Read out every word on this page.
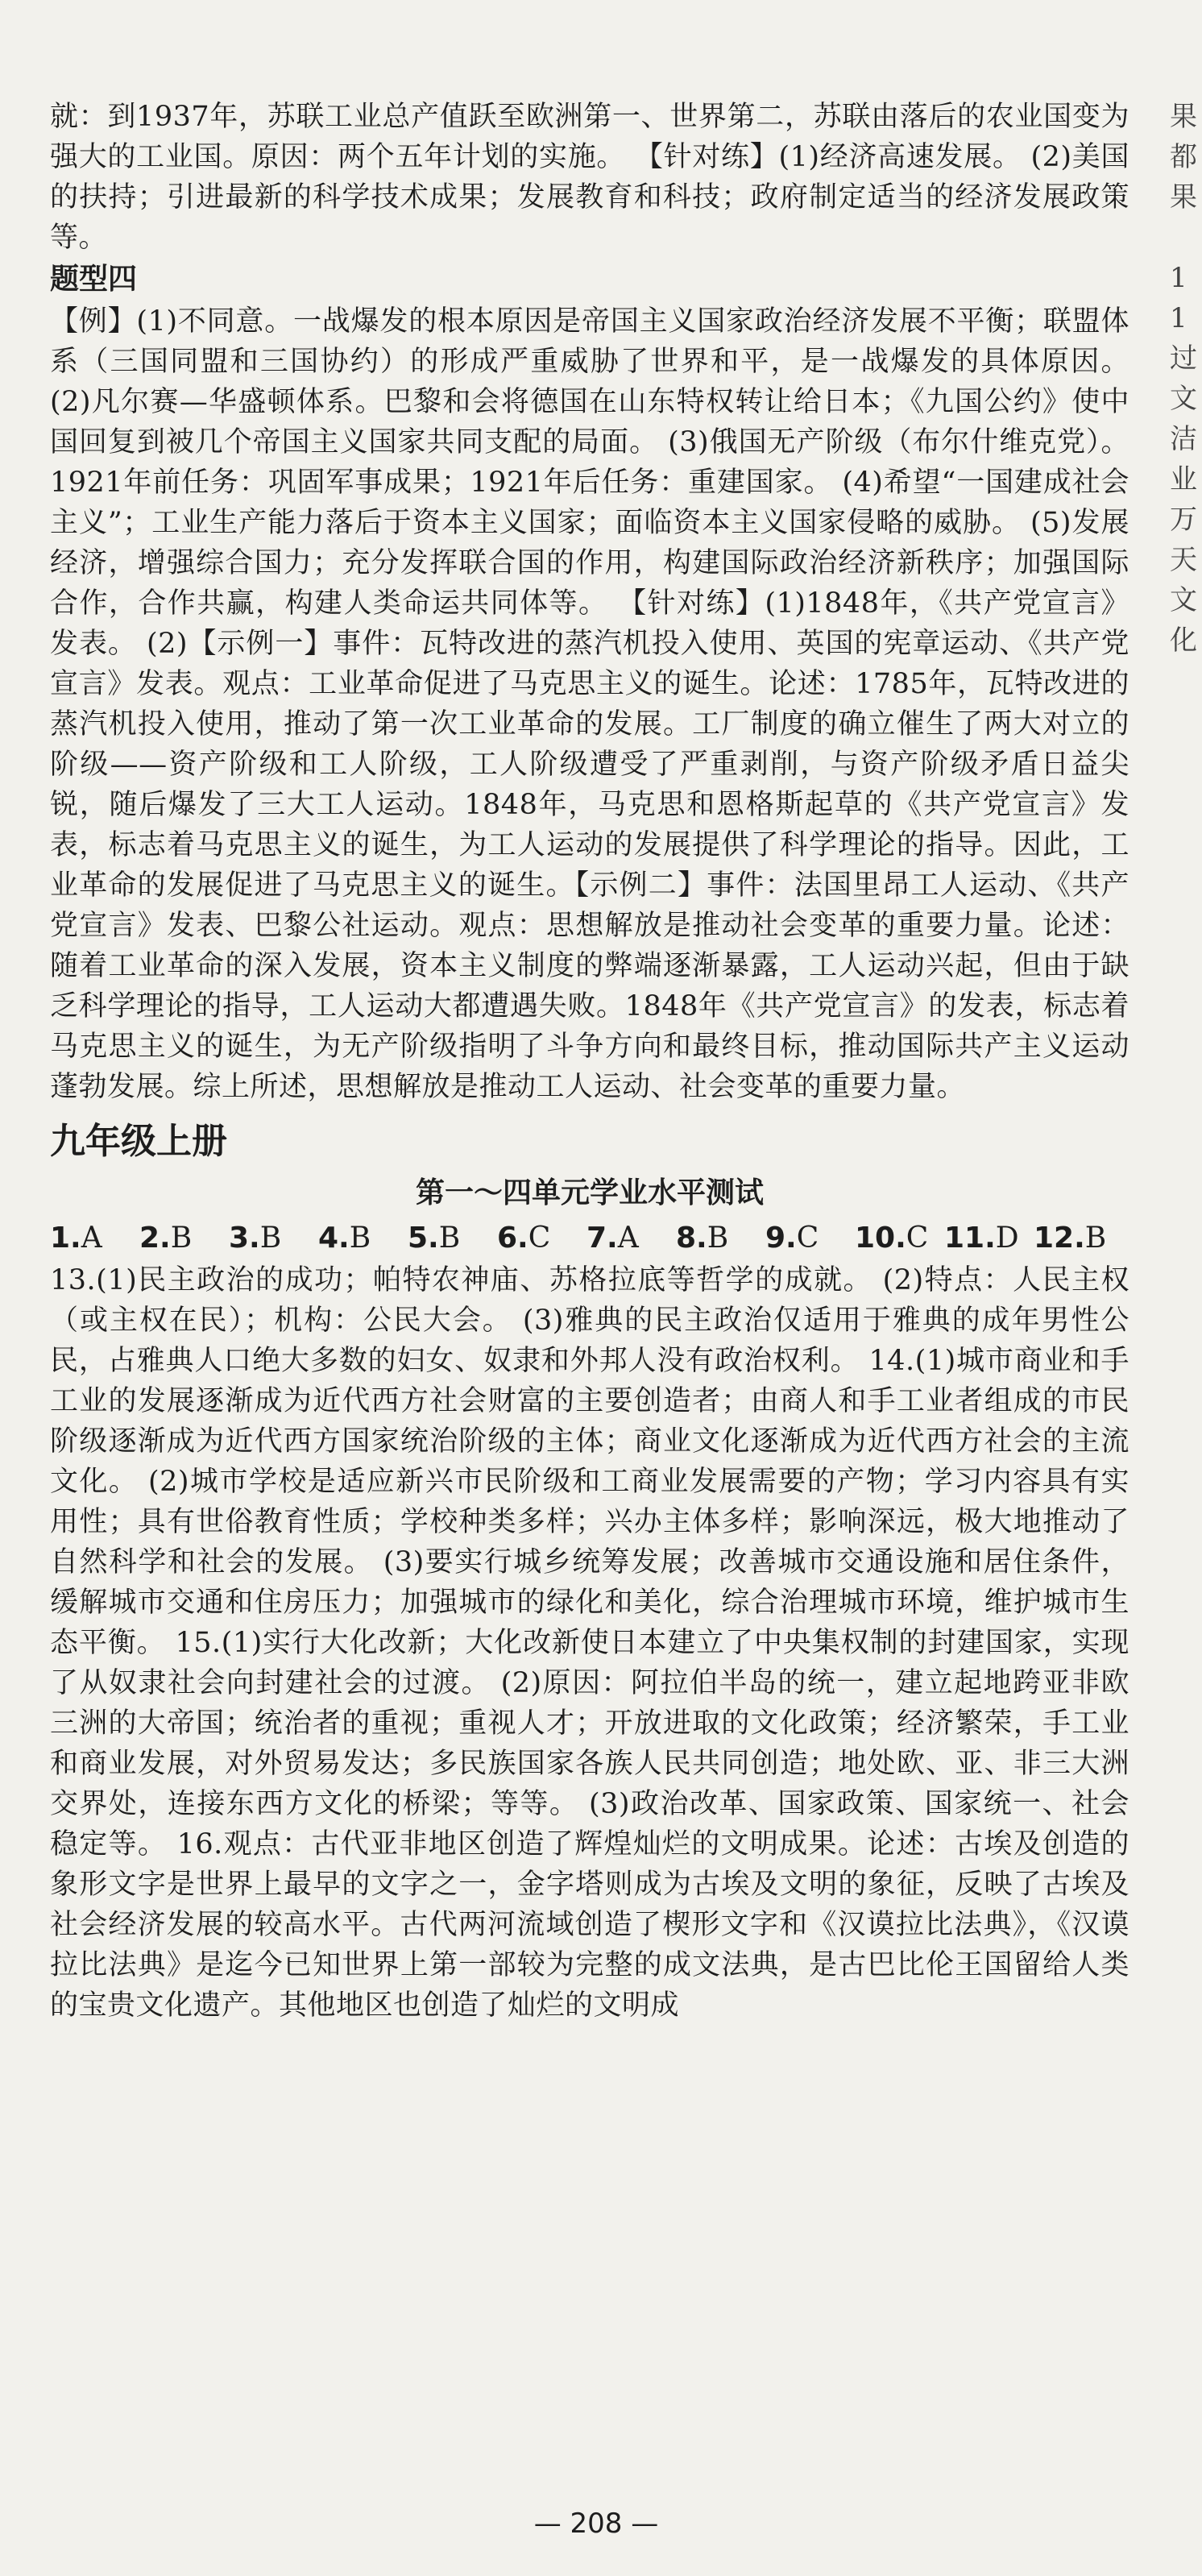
就：到1937年，苏联工业总产值跃至欧洲第一、世界第二，苏联由落后的农业国变为强大的工业国。原因：两个五年计划的实施。 【针对练】(1)经济高速发展。 (2)美国的扶持；引进最新的科学技术成果；发展教育和科技；政府制定适当的经济发展政策等。

题型四

【例】(1)不同意。一战爆发的根本原因是帝国主义国家政治经济发展不平衡；联盟体系（三国同盟和三国协约）的形成严重威胁了世界和平，是一战爆发的具体原因。 (2)凡尔赛—华盛顿体系。巴黎和会将德国在山东特权转让给日本；《九国公约》使中国回复到被几个帝国主义国家共同支配的局面。 (3)俄国无产阶级（布尔什维克党）。1921年前任务：巩固军事成果；1921年后任务：重建国家。 (4)希望“一国建成社会主义”；工业生产能力落后于资本主义国家；面临资本主义国家侵略的威胁。 (5)发展经济，增强综合国力；充分发挥联合国的作用，构建国际政治经济新秩序；加强国际合作，合作共赢，构建人类命运共同体等。 【针对练】(1)1848年，《共产党宣言》发表。 (2)【示例一】事件：瓦特改进的蒸汽机投入使用、英国的宪章运动、《共产党宣言》发表。观点：工业革命促进了马克思主义的诞生。论述：1785年，瓦特改进的蒸汽机投入使用，推动了第一次工业革命的发展。工厂制度的确立催生了两大对立的阶级——资产阶级和工人阶级，工人阶级遭受了严重剥削，与资产阶级矛盾日益尖锐，随后爆发了三大工人运动。1848年，马克思和恩格斯起草的《共产党宣言》发表，标志着马克思主义的诞生，为工人运动的发展提供了科学理论的指导。因此，工业革命的发展促进了马克思主义的诞生。【示例二】事件：法国里昂工人运动、《共产党宣言》发表、巴黎公社运动。观点：思想解放是推动社会变革的重要力量。论述：随着工业革命的深入发展，资本主义制度的弊端逐渐暴露，工人运动兴起，但由于缺乏科学理论的指导，工人运动大都遭遇失败。1848年《共产党宣言》的发表，标志着马克思主义的诞生，为无产阶级指明了斗争方向和最终目标，推动国际共产主义运动蓬勃发展。综上所述，思想解放是推动工人运动、社会变革的重要力量。

九年级上册

第一～四单元学业水平测试

1.A	2.B	3.B	4.B	5.B	6.C	7.A	8.B	9.C	10.C 11.D 12.B

13.(1)民主政治的成功；帕特农神庙、苏格拉底等哲学的成就。 (2)特点：人民主权（或主权在民）；机构：公民大会。 (3)雅典的民主政治仅适用于雅典的成年男性公民，占雅典人口绝大多数的妇女、奴隶和外邦人没有政治权利。 14.(1)城市商业和手工业的发展逐渐成为近代西方社会财富的主要创造者；由商人和手工业者组成的市民阶级逐渐成为近代西方国家统治阶级的主体；商业文化逐渐成为近代西方社会的主流文化。 (2)城市学校是适应新兴市民阶级和工商业发展需要的产物；学习内容具有实用性；具有世俗教育性质；学校种类多样；兴办主体多样；影响深远，极大地推动了自然科学和社会的发展。 (3)要实行城乡统筹发展；改善城市交通设施和居住条件，缓解城市交通和住房压力；加强城市的绿化和美化，综合治理城市环境，维护城市生态平衡。 15.(1)实行大化改新；大化改新使日本建立了中央集权制的封建国家，实现了从奴隶社会向封建社会的过渡。 (2)原因：阿拉伯半岛的统一，建立起地跨亚非欧三洲的大帝国；统治者的重视；重视人才；开放进取的文化政策；经济繁荣，手工业和商业发展，对外贸易发达；多民族国家各族人民共同创造；地处欧、亚、非三大洲交界处，连接东西方文化的桥梁；等等。 (3)政治改革、国家政策、国家统一、社会稳定等。 16.观点：古代亚非地区创造了辉煌灿烂的文明成果。论述：古埃及创造的象形文字是世界上最早的文字之一，金字塔则成为古埃及文明的象征，反映了古埃及社会经济发展的较高水平。古代两河流域创造了楔形文字和《汉谟拉比法典》，《汉谟拉比法典》是迄今已知世界上第一部较为完整的成文法典，是古巴比伦王国留给人类的宝贵文化遗产。其他地区也创造了灿烂的文明成

果
都
果

1
1
过
文
洁
业
万
天
文
化
— 208 —
